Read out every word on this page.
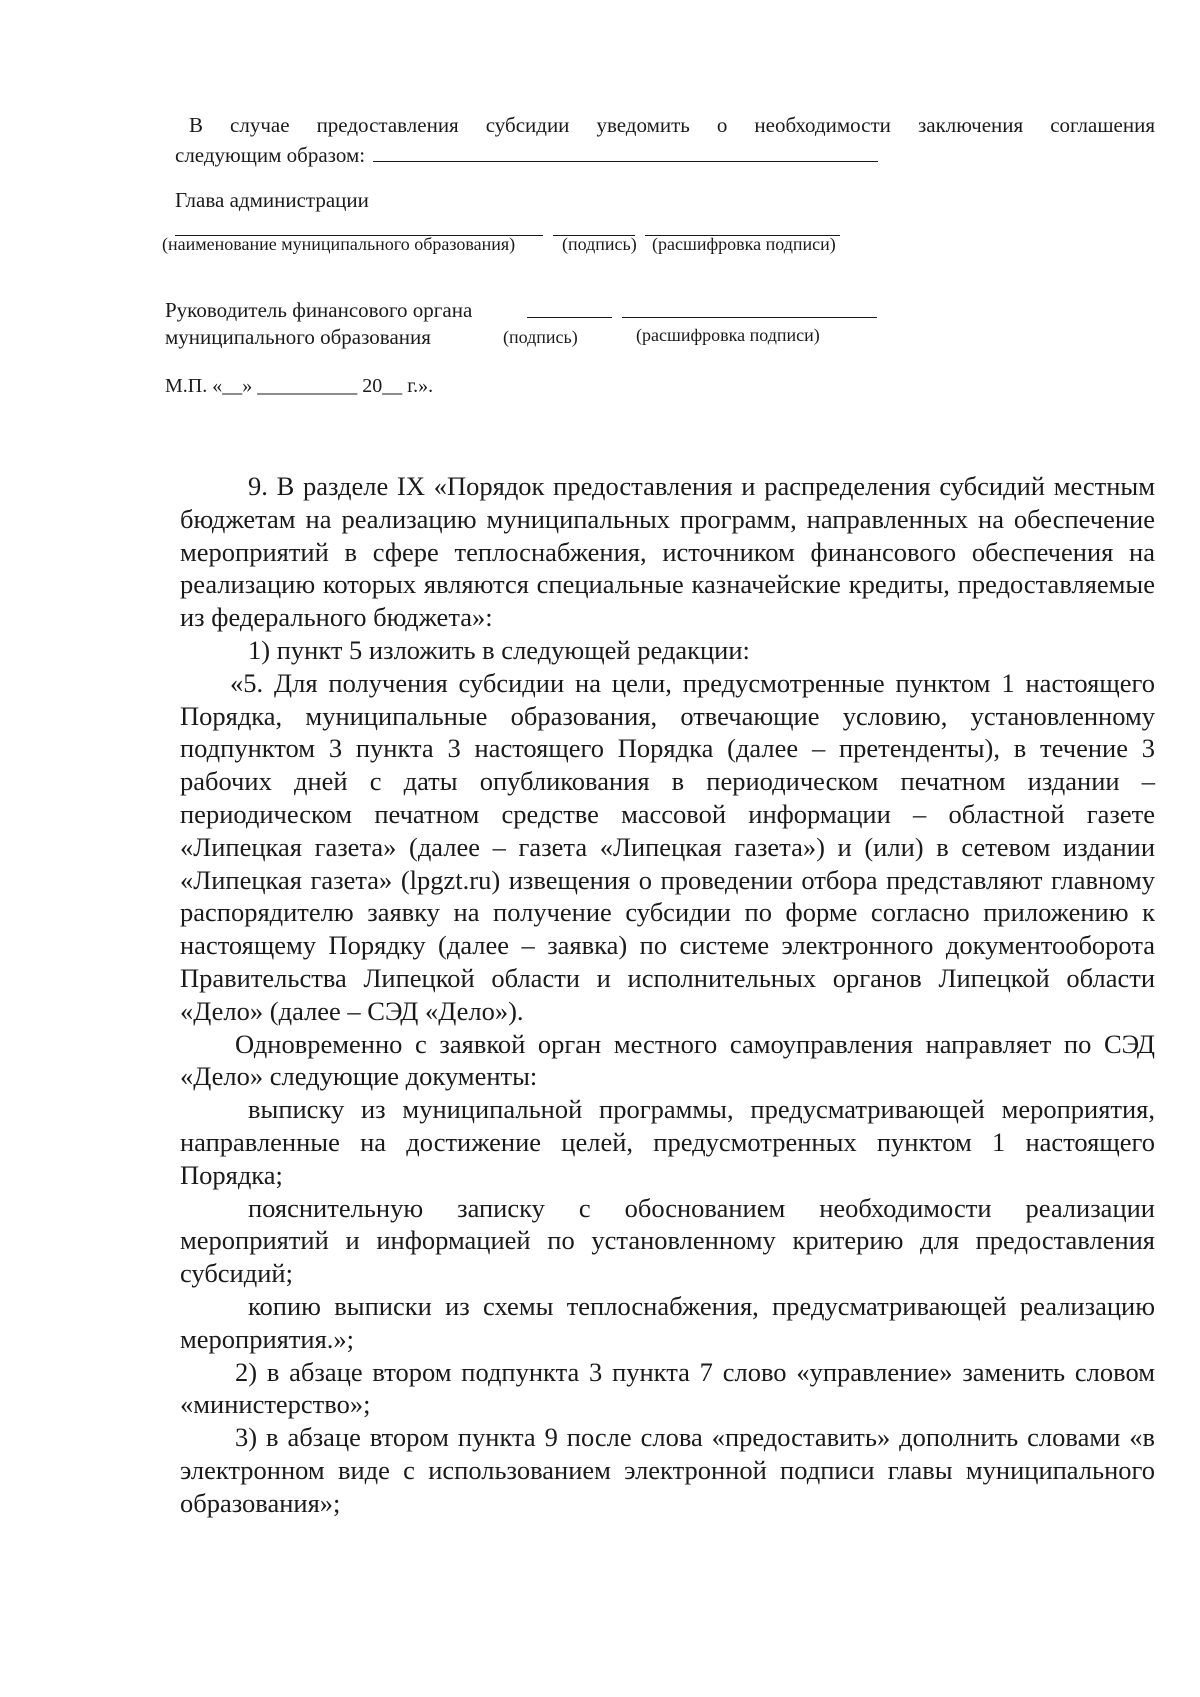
В случае предоставления субсидии уведомить о необходимости заключения соглашения

следующим образом:

Глава администрации
(наименование муниципального образования)	(подпись) (расшифровка подписи)
Руководитель финансового органа
муниципального образования	(подпись)	(расшифровка подписи)
М.П. «__» __________ 20__ г.».

9. В разделе IX «Порядок предоставления и распределения субсидий местным бюджетам на реализацию муниципальных программ, направленных на обеспечение мероприятий в сфере теплоснабжения, источником финансового обеспечения на реализацию которых являются специальные казначейские кредиты, предоставляемые из федерального бюджета»:

1) пункт 5 изложить в следующей редакции:

«5. Для получения субсидии на цели, предусмотренные пунктом 1 настоящего Порядка, муниципальные образования, отвечающие условию, установленному подпунктом 3 пункта 3 настоящего Порядка (далее – претенденты), в течение 3 рабочих дней с даты опубликования в периодическом печатном издании – периодическом печатном средстве массовой информации – областной газете «Липецкая газета» (далее – газета «Липецкая газета») и (или) в сетевом издании «Липецкая газета» (lpgzt.ru) извещения о проведении отбора представляют главному распорядителю заявку на получение субсидии по форме согласно приложению к настоящему Порядку (далее – заявка) по системе электронного документооборота Правительства Липецкой области и исполнительных органов Липецкой области «Дело» (далее – СЭД «Дело»).

Одновременно с заявкой орган местного самоуправления направляет по СЭД «Дело» следующие документы:

выписку из муниципальной программы, предусматривающей мероприятия, направленные на достижение целей, предусмотренных пунктом 1 настоящего Порядка;

пояснительную записку с обоснованием необходимости реализации мероприятий и информацией по установленному критерию для предоставления субсидий;

копию выписки из схемы теплоснабжения, предусматривающей реализацию мероприятия.»;

2) в абзаце втором подпункта 3 пункта 7 слово «управление» заменить словом «министерство»;

3) в абзаце втором пункта 9 после слова «предоставить» дополнить словами «в электронном виде с использованием электронной подписи главы муниципального образования»;
